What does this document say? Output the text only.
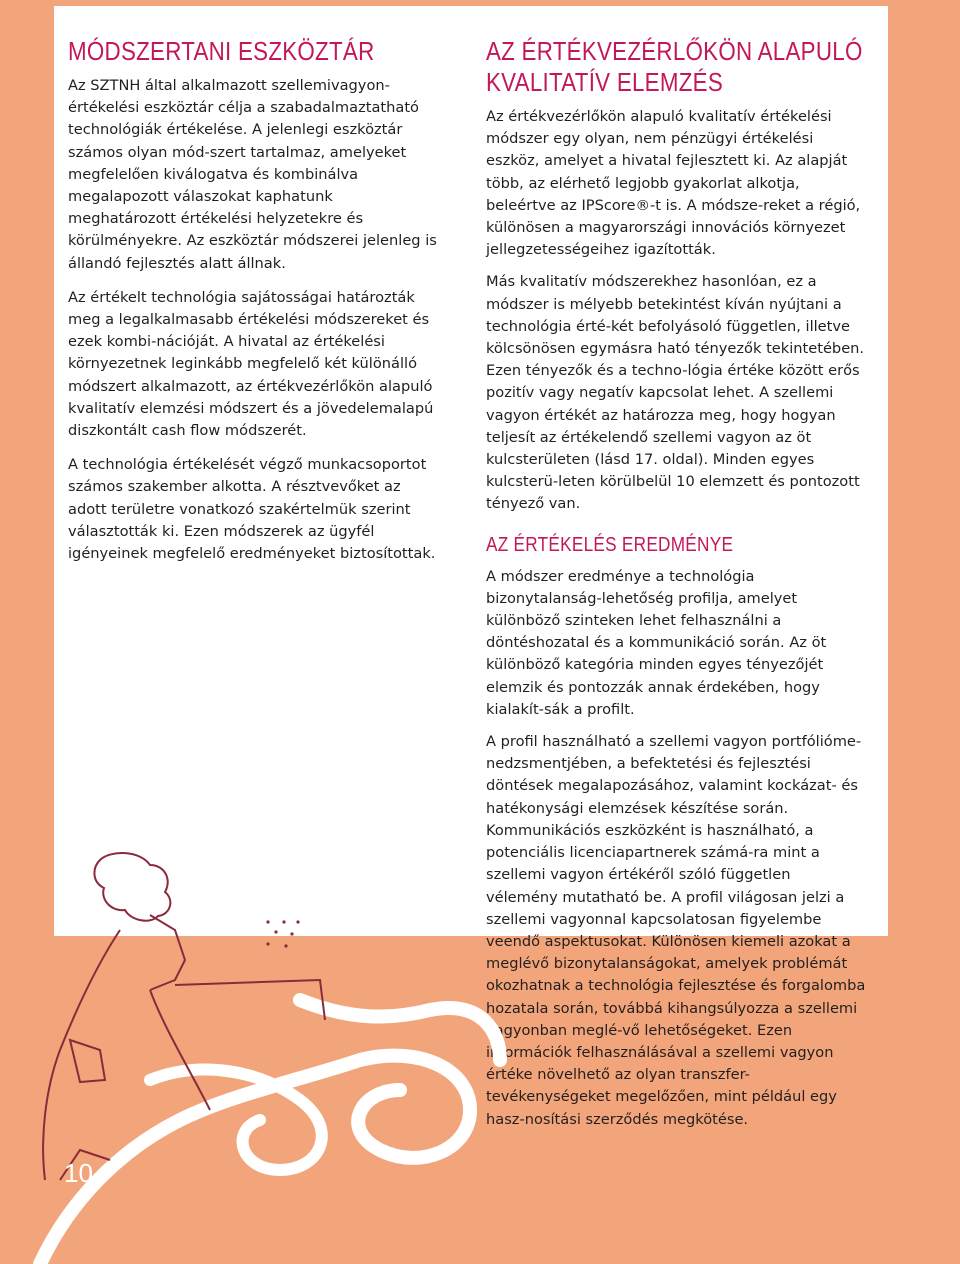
MÓDSZERTANI ESZKÖZTÁR

Az SZTNH által alkalmazott szellemivagyon-értékelési eszköztár célja a szabadalmaztatható technológiák értékelése. A jelenlegi eszköztár számos olyan mód-szert tartalmaz, amelyeket megfelelően kiválogatva és kombinálva megalapozott válaszokat kaphatunk meghatározott értékelési helyzetekre és körülményekre. Az eszköztár módszerei jelenleg is állandó fejlesztés alatt állnak.

Az értékelt technológia sajátosságai határozták meg a legalkalmasabb értékelési módszereket és ezek kombi-nációját. A hivatal az értékelési környezetnek leginkább megfelelő két különálló módszert alkalmazott, az értékvezérlőkön alapuló kvalitatív elemzési módszert és a jövedelemalapú diszkontált cash flow módszerét.

A technológia értékelését végző munkacsoportot számos szakember alkotta. A résztvevőket az adott területre vonatkozó szakértelmük szerint választották ki. Ezen módszerek az ügyfél igényeinek megfelelő eredményeket biztosítottak.

AZ ÉRTÉKVEZÉRLŐKÖN ALAPULÓ
KVALITATÍV ELEMZÉS

Az értékvezérlőkön alapuló kvalitatív értékelési módszer egy olyan, nem pénzügyi értékelési eszköz, amelyet a hivatal fejlesztett ki. Az alapját több, az elérhető legjobb gyakorlat alkotja, beleértve az IPScore®-t is. A módsze-reket a régió, különösen a magyarországi innovációs környezet jellegzetességeihez igazították.

Más kvalitatív módszerekhez hasonlóan, ez a módszer is mélyebb betekintést kíván nyújtani a technológia érté-két befolyásoló független, illetve kölcsönösen egymásra ható tényezők tekintetében. Ezen tényezők és a techno-lógia értéke között erős pozitív vagy negatív kapcsolat lehet. A szellemi vagyon értékét az határozza meg, hogy hogyan teljesít az értékelendő szellemi vagyon az öt kulcsterületen (lásd 17. oldal). Minden egyes kulcsterü-leten körülbelül 10 elemzett és pontozott tényező van.

AZ ÉRTÉKELÉS EREDMÉNYE

A módszer eredménye a technológia bizonytalanság-lehetőség profilja, amelyet különböző szinteken lehet felhasználni a döntéshozatal és a kommunikáció során. Az öt különböző kategória minden egyes tényezőjét elemzik és pontozzák annak érdekében, hogy kialakít-sák a profilt.

A profil használható a szellemi vagyon portfólióme-nedzsmentjében, a befektetési és fejlesztési döntések megalapozásához, valamint kockázat- és hatékonysági elemzések készítése során. Kommunikációs eszközként is használható, a potenciális licenciapartnerek számá-ra mint a szellemi vagyon értékéről szóló független vélemény mutatható be. A profil világosan jelzi a szellemi vagyonnal kapcsolatosan figyelembe veendő aspektusokat. Különösen kiemeli azokat a meglévő bizonytalanságokat, amelyek problémát okozhatnak a technológia fejlesztése és forgalomba hozatala során, továbbá kihangsúlyozza a szellemi vagyonban meglé-vő lehetőségeket. Ezen információk felhasználásával a szellemi vagyon értéke növelhető az olyan transzfer-tevékenységeket megelőzően, mint például egy hasz-nosítási szerződés megkötése.

10
